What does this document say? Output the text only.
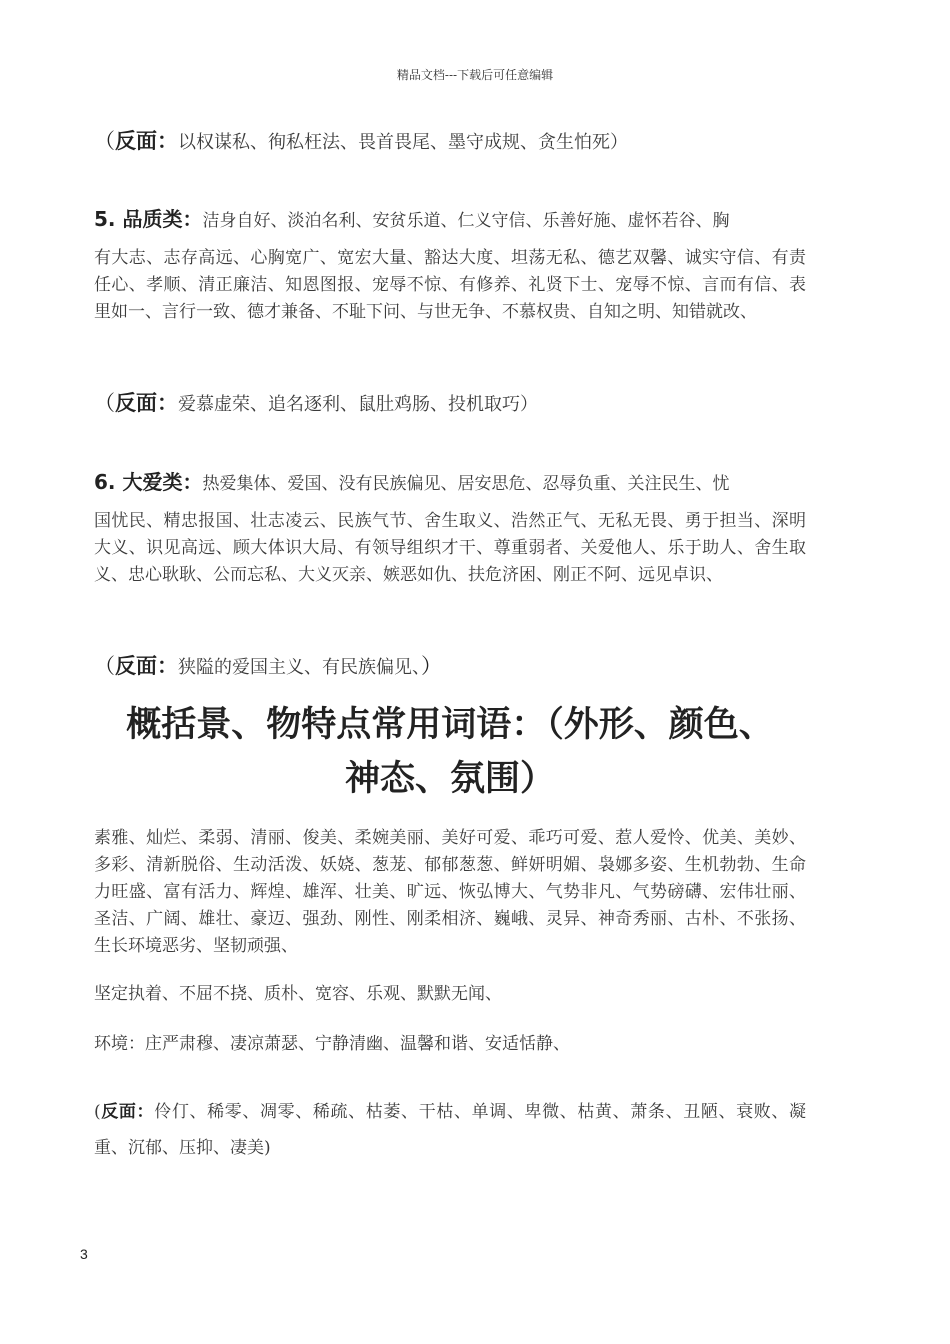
精品文档---下载后可任意编辑
（反面：以权谋私、徇私枉法、畏首畏尾、墨守成规、贪生怕死）
5. 品质类：洁身自好、淡泊名利、安贫乐道、仁义守信、乐善好施、虚怀若谷、胸
有大志、志存高远、心胸宽广、宽宏大量、豁达大度、坦荡无私、德艺双馨、诚实守信、有责任心、孝顺、清正廉洁、知恩图报、宠辱不惊、有修养、礼贤下士、宠辱不惊、言而有信、表里如一、言行一致、德才兼备、不耻下问、与世无争、不慕权贵、自知之明、知错就改、
（反面：爱慕虚荣、追名逐利、鼠肚鸡肠、投机取巧）
6. 大爱类：热爱集体、爱国、没有民族偏见、居安思危、忍辱负重、关注民生、忧
国忧民、精忠报国、壮志凌云、民族气节、舍生取义、浩然正气、无私无畏、勇于担当、深明大义、识见高远、顾大体识大局、有领导组织才干、尊重弱者、关爱他人、乐于助人、舍生取义、忠心耿耿、公而忘私、大义灭亲、嫉恶如仇、扶危济困、刚正不阿、远见卓识、
（反面：狭隘的爱国主义、有民族偏见、）
概括景、物特点常用词语：（外形、颜色、
神态、氛围）
素雅、灿烂、柔弱、清丽、俊美、柔婉美丽、美好可爱、乖巧可爱、惹人爱怜、优美、美妙、多彩、清新脱俗、生动活泼、妖娆、葱茏、郁郁葱葱、鲜妍明媚、袅娜多姿、生机勃勃、生命力旺盛、富有活力、辉煌、雄浑、壮美、旷远、恢弘博大、气势非凡、气势磅礴、宏伟壮丽、圣洁、广阔、雄壮、豪迈、强劲、刚性、刚柔相济、巍峨、灵异、神奇秀丽、古朴、不张扬、生长环境恶劣、坚韧顽强、
坚定执着、不屈不挠、质朴、宽容、乐观、默默无闻、
环境：庄严肃穆、凄凉萧瑟、宁静清幽、温馨和谐、安适恬静、
(反面：伶仃、稀零、凋零、稀疏、枯萎、干枯、单调、卑微、枯黄、萧条、丑陋、衰败、凝重、沉郁、压抑、凄美)
3
